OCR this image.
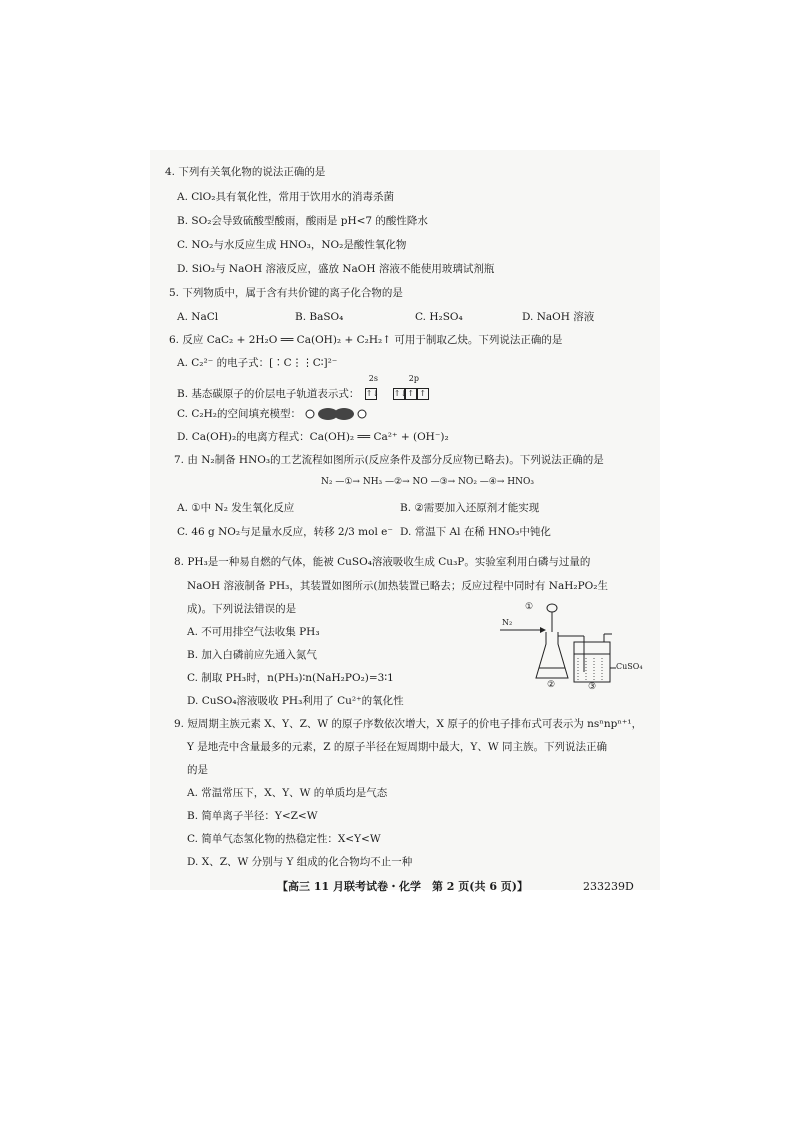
4. 下列有关氧化物的说法正确的是
A. ClO₂具有氧化性，常用于饮用水的消毒杀菌
B. SO₂会导致硫酸型酸雨，酸雨是 pH<7 的酸性降水
C. NO₂与水反应生成 HNO₃，NO₂是酸性氧化物
D. SiO₂与 NaOH 溶液反应，盛放 NaOH 溶液不能使用玻璃试剂瓶
5. 下列物质中，属于含有共价键的离子化合物的是
A. NaCl	B. BaSO₄	C. H₂SO₄	D. NaOH 溶液
6. 反应 CaC₂ + 2H₂O ══ Ca(OH)₂ + C₂H₂↑ 可用于制取乙炔。下列说法正确的是
A. C₂²⁻ 的电子式：[∶C⋮⋮C∶]²⁻
B. 基态碳原子的价层电子轨道表示式：
2s	2p
↑↓ ↑↓ ↑ ↑
C. C₂H₂的空间填充模型：
D. Ca(OH)₂的电离方程式：Ca(OH)₂ ══ Ca²⁺ + (OH⁻)₂
7. 由 N₂制备 HNO₃的工艺流程如图所示(反应条件及部分反应物已略去)。下列说法正确的是
N₂ —①→ NH₃ —②→ NO —③→ NO₂ —④→ HNO₃
A. ①中 N₂ 发生氧化反应	B. ②需要加入还原剂才能实现
C. 46 g NO₂与足量水反应，转移 2/3 mol e⁻ D. 常温下 Al 在稀 HNO₃中钝化
8. PH₃是一种易自燃的气体，能被 CuSO₄溶液吸收生成 Cu₃P。实验室利用白磷与过量的
NaOH 溶液制备 PH₃，其装置如图所示(加热装置已略去；反应过程中同时有 NaH₂PO₂生
成)。下列说法错误的是
A. 不可用排空气法收集 PH₃
B. 加入白磷前应先通入氮气
C. 制取 PH₃时，n(PH₃)∶n(NaH₂PO₂)=3∶1
D. CuSO₄溶液吸收 PH₃利用了 Cu²⁺的氧化性
N₂
①
②	③
CuSO₄
9. 短周期主族元素 X、Y、Z、W 的原子序数依次增大，X 原子的价电子排布式可表示为 nsⁿnpⁿ⁺¹，
Y 是地壳中含量最多的元素，Z 的原子半径在短周期中最大，Y、W 同主族。下列说法正确
的是
A. 常温常压下，X、Y、W 的单质均是气态
B. 简单离子半径：Y<Z<W
C. 简单气态氢化物的热稳定性：X<Y<W
D. X、Z、W 分别与 Y 组成的化合物均不止一种
【高三 11 月联考试卷・化学　第 2 页(共 6 页)】	233239D
